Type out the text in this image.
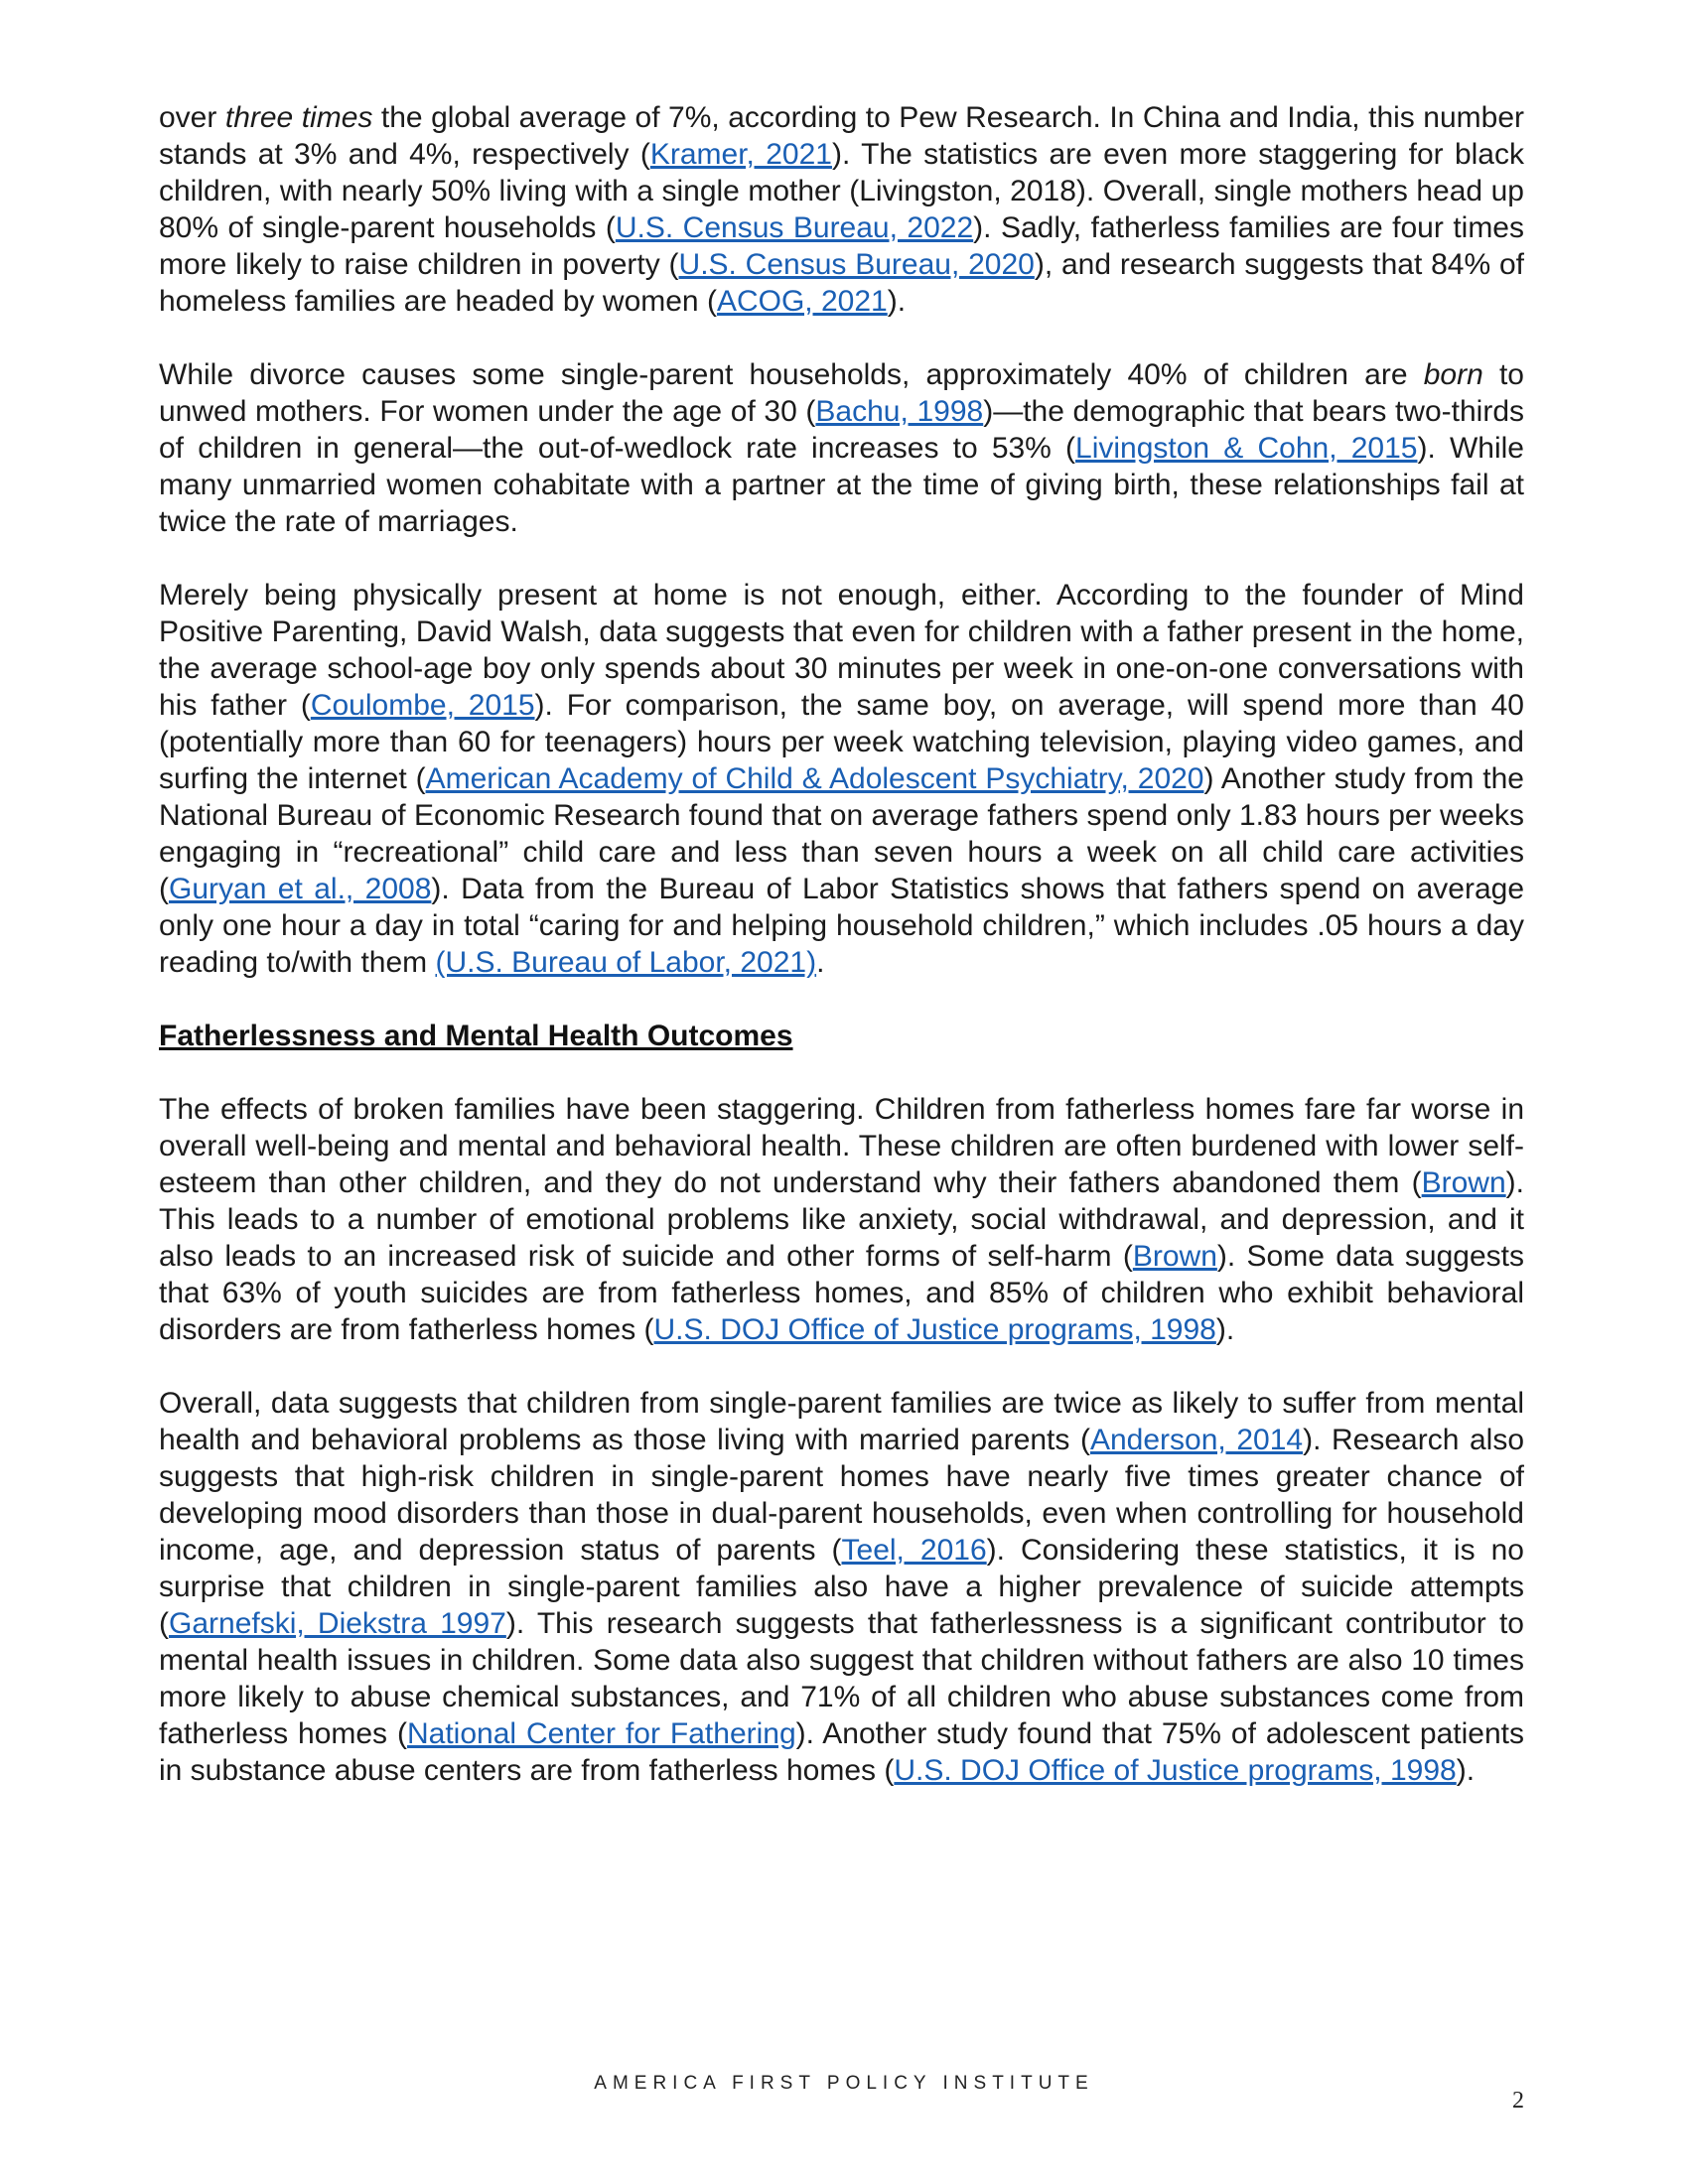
over three times the global average of 7%, according to Pew Research. In China and India, this number stands at 3% and 4%, respectively (Kramer, 2021). The statistics are even more staggering for black children, with nearly 50% living with a single mother (Livingston, 2018). Overall, single mothers head up 80% of single-parent households (U.S. Census Bureau, 2022). Sadly, fatherless families are four times more likely to raise children in poverty (U.S. Census Bureau, 2020), and research suggests that 84% of homeless families are headed by women (ACOG, 2021).

While divorce causes some single-parent households, approximately 40% of children are born to unwed mothers. For women under the age of 30 (Bachu, 1998)—the demographic that bears two-thirds of children in general—the out-of-wedlock rate increases to 53% (Livingston & Cohn, 2015). While many unmarried women cohabitate with a partner at the time of giving birth, these relationships fail at twice the rate of marriages.

Merely being physically present at home is not enough, either. According to the founder of Mind Positive Parenting, David Walsh, data suggests that even for children with a father present in the home, the average school-age boy only spends about 30 minutes per week in one-on-one conversations with his father (Coulombe, 2015). For comparison, the same boy, on average, will spend more than 40 (potentially more than 60 for teenagers) hours per week watching television, playing video games, and surfing the internet (American Academy of Child & Adolescent Psychiatry, 2020) Another study from the National Bureau of Economic Research found that on average fathers spend only 1.83 hours per weeks engaging in “recreational” child care and less than seven hours a week on all child care activities (Guryan et al., 2008). Data from the Bureau of Labor Statistics shows that fathers spend on average only one hour a day in total “caring for and helping household children,” which includes .05 hours a day reading to/with them (U.S. Bureau of Labor, 2021).

Fatherlessness and Mental Health Outcomes

The effects of broken families have been staggering. Children from fatherless homes fare far worse in overall well-being and mental and behavioral health. These children are often burdened with lower self-esteem than other children, and they do not understand why their fathers abandoned them (Brown). This leads to a number of emotional problems like anxiety, social withdrawal, and depression, and it also leads to an increased risk of suicide and other forms of self-harm (Brown). Some data suggests that 63% of youth suicides are from fatherless homes, and 85% of children who exhibit behavioral disorders are from fatherless homes (U.S. DOJ Office of Justice programs, 1998).

Overall, data suggests that children from single-parent families are twice as likely to suffer from mental health and behavioral problems as those living with married parents (Anderson, 2014). Research also suggests that high-risk children in single-parent homes have nearly five times greater chance of developing mood disorders than those in dual-parent households, even when controlling for household income, age, and depression status of parents (Teel, 2016). Considering these statistics, it is no surprise that children in single-parent families also have a higher prevalence of suicide attempts (Garnefski, Diekstra 1997). This research suggests that fatherlessness is a significant contributor to mental health issues in children. Some data also suggest that children without fathers are also 10 times more likely to abuse chemical substances, and 71% of all children who abuse substances come from fatherless homes (National Center for Fathering). Another study found that 75% of adolescent patients in substance abuse centers are from fatherless homes (U.S. DOJ Office of Justice programs, 1998).

AMERICA FIRST POLICY INSTITUTE
2
